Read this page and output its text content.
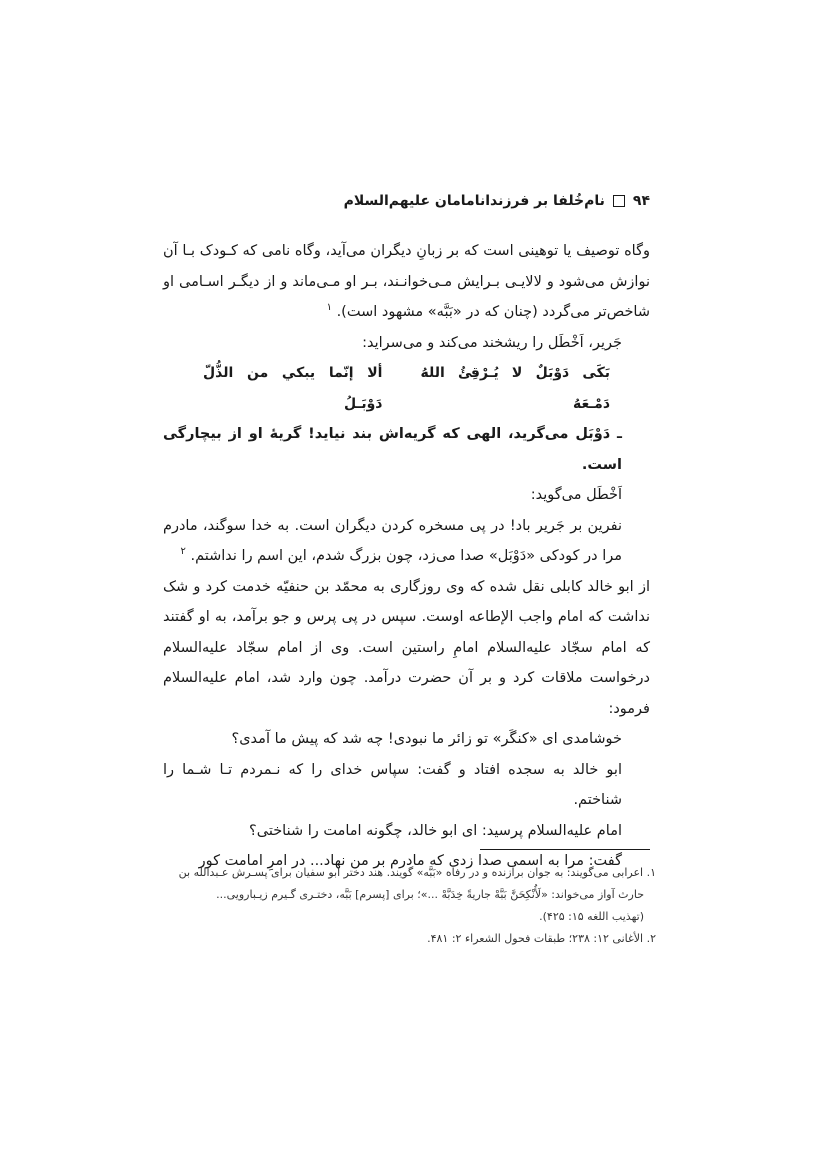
۹۴
نام‌خُلفا بر فرزندانامامان عليهم‌السلام

وگاه توصیف یا توهینی است که بر زبانِ دیگران می‌آید، وگاه نامی که کـودک بـا آن نوازش می‌شود و لالایـی بـرایش مـی‌خوانـند، بـر او مـی‌ماند و از دیگـر اسـامی او شاخص‌تر می‌گردد (چنان که در «بَبَّه» مشهود است). $^۱$

جَریر، اَخْطَل را ریشخند می‌کند و می‌سراید:

بَكَى دَوْبَلٌ لا يُـرْقِئُ اللهُ دَمْـعَهُ
ألا إنّما يبكي من الذُّلّ دَوْبَـلُ

ـ دَوْبَل می‌گرید، الهی که گریه‌اش بند نیاید! گریهٔ او از بیچارگی است.

اَخْطَل می‌گوید:

نفرین بر جَریر باد! در پی مسخره کردن دیگران است. به خدا سوگند، مادرم مرا در کودکی «دَوْبَل» صدا می‌زد، چون بزرگ شدم، این اسم را نداشتم. $^۲$

از ابو خالد کابلی نقل شده که وی روزگاری به محمّد بن حنفیّه خدمت کرد و شک نداشت که امام واجب الإطاعه اوست. سپس در پی پرس و جو برآمد، به او گفتند که امام سجّاد عليه‌السلام امامِ راستین است. وی از امام سجّاد عليه‌السلام درخواست ملاقات کرد و بر آن حضرت درآمد. چون وارد شد، امام عليه‌السلام فرمود:

خوشامدی ای «کنگَر» تو زائر ما نبودی! چه شد که پیش ما آمدی؟

ابو خالد به سجده افتاد و گفت: سپاس خدای را که نـمردم تـا شـما را شناختم.

امام عليه‌السلام پرسید: ای ابو خالد، چگونه امامت را شناختی؟

گفت: مرا به اسمی صدا زدی که مادرم بر من نهاد... در امرِ امامت کور

۱. اعرابی می‌گویند: به جوان برازنده و در رفاه «بَبَّه» گویند. هند دختر ابو سفیان برای پسـرش عـبدالله بن

حارث آواز می‌خواند: «لَأُنْكِحَنَّ بَبَّهْ جاريةً خِدَبَّهْ ...»؛ برای [پسرم] بَبَّه، دختـری گـیرم زیـبارویی...

(تهذيب اللغه ۱۵: ۴۲۵).

۲. الأغانی ۱۲: ۲۳۸؛ طبقات فحول الشعراء ۲: ۴۸۱.
